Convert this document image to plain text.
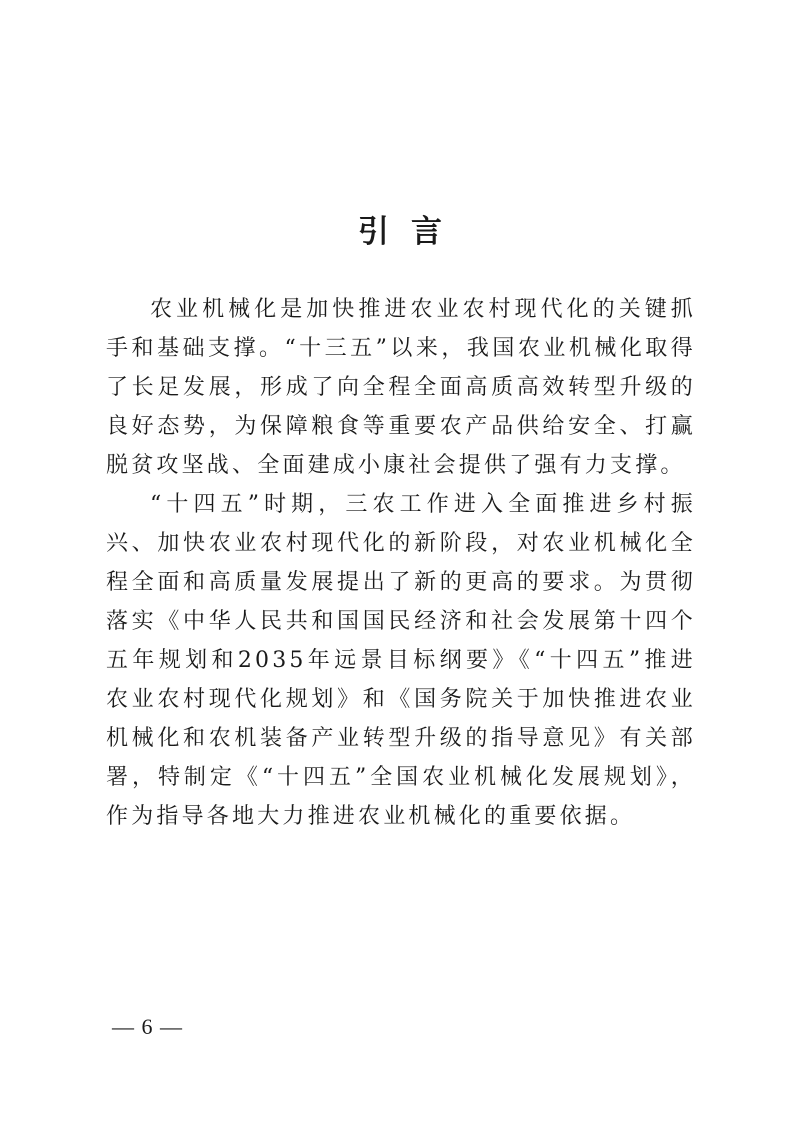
引言

农业机械化是加快推进农业农村现代化的关键抓手和基础支撑。“十三五”以来，我国农业机械化取得了长足发展，形成了向全程全面高质高效转型升级的良好态势，为保障粮食等重要农产品供给安全、打赢脱贫攻坚战、全面建成小康社会提供了强有力支撑。

“十四五”时期，三农工作进入全面推进乡村振兴、加快农业农村现代化的新阶段，对农业机械化全程全面和高质量发展提出了新的更高的要求。为贯彻落实《中华人民共和国国民经济和社会发展第十四个五年规划和2035年远景目标纲要》《“十四五”推进农业农村现代化规划》和《国务院关于加快推进农业机械化和农机装备产业转型升级的指导意见》有关部署，特制定《“十四五”全国农业机械化发展规划》，作为指导各地大力推进农业机械化的重要依据。

— 6 —
